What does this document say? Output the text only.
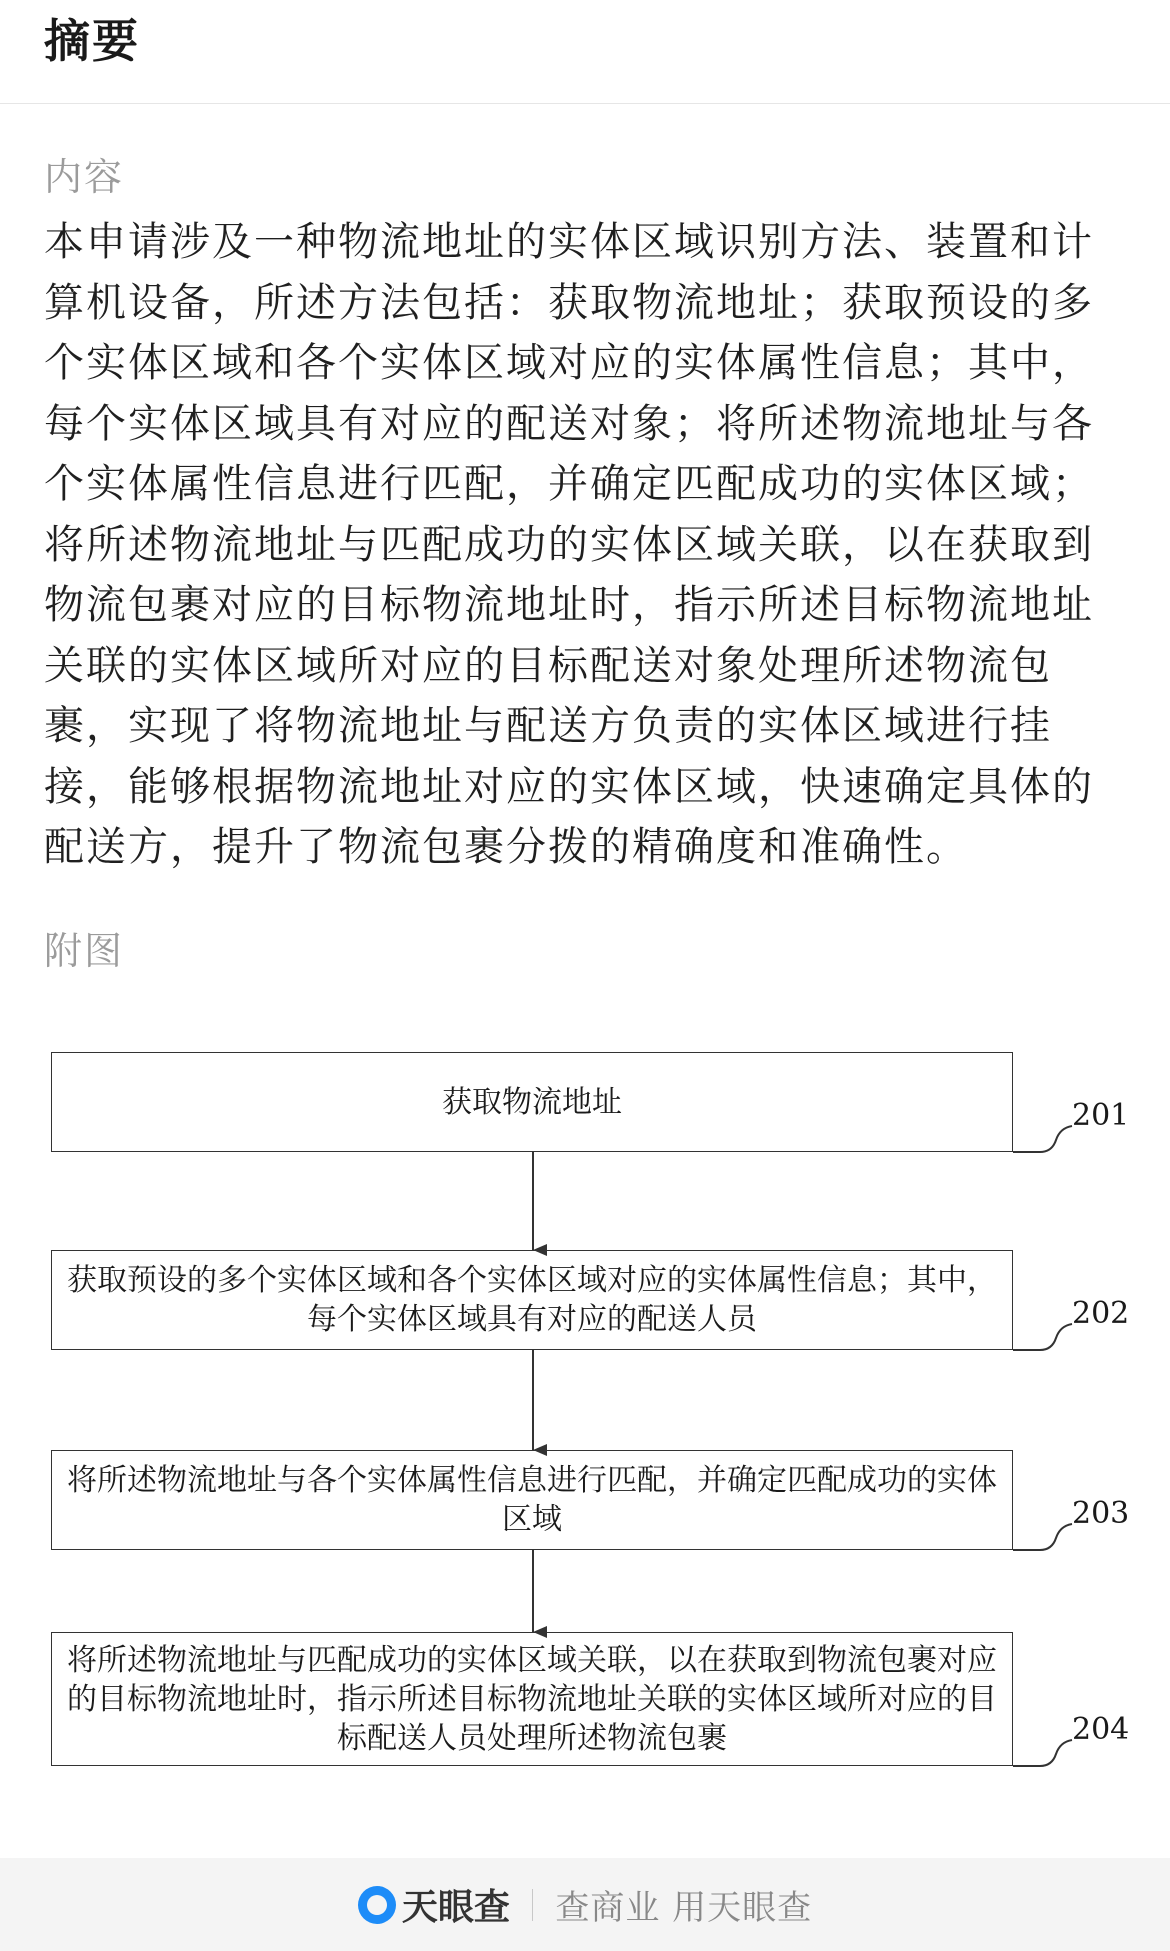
摘要
内容

本申请涉及一种物流地址的实体区域识别方法、装置和计算机设备，所述方法包括：获取物流地址；获取预设的多个实体区域和各个实体区域对应的实体属性信息；其中，每个实体区域具有对应的配送对象；将所述物流地址与各个实体属性信息进行匹配，并确定匹配成功的实体区域；将所述物流地址与匹配成功的实体区域关联，以在获取到物流包裹对应的目标物流地址时，指示所述目标物流地址关联的实体区域所对应的目标配送对象处理所述物流包裹，实现了将物流地址与配送方负责的实体区域进行挂接，能够根据物流地址对应的实体区域，快速确定具体的配送方，提升了物流包裹分拨的精确度和准确性。

附图
获取物流地址	201
获取预设的多个实体区域和各个实体区域对应的实体属性信息；其中，每个实体区域具有对应的配送人员	202
将所述物流地址与各个实体属性信息进行匹配，并确定匹配成功的实体区域	203
将所述物流地址与匹配成功的实体区域关联，以在获取到物流包裹对应的目标物流地址时，指示所述目标物流地址关联的实体区域所对应的目标配送人员处理所述物流包裹	204
天眼查 查商业 用天眼查
